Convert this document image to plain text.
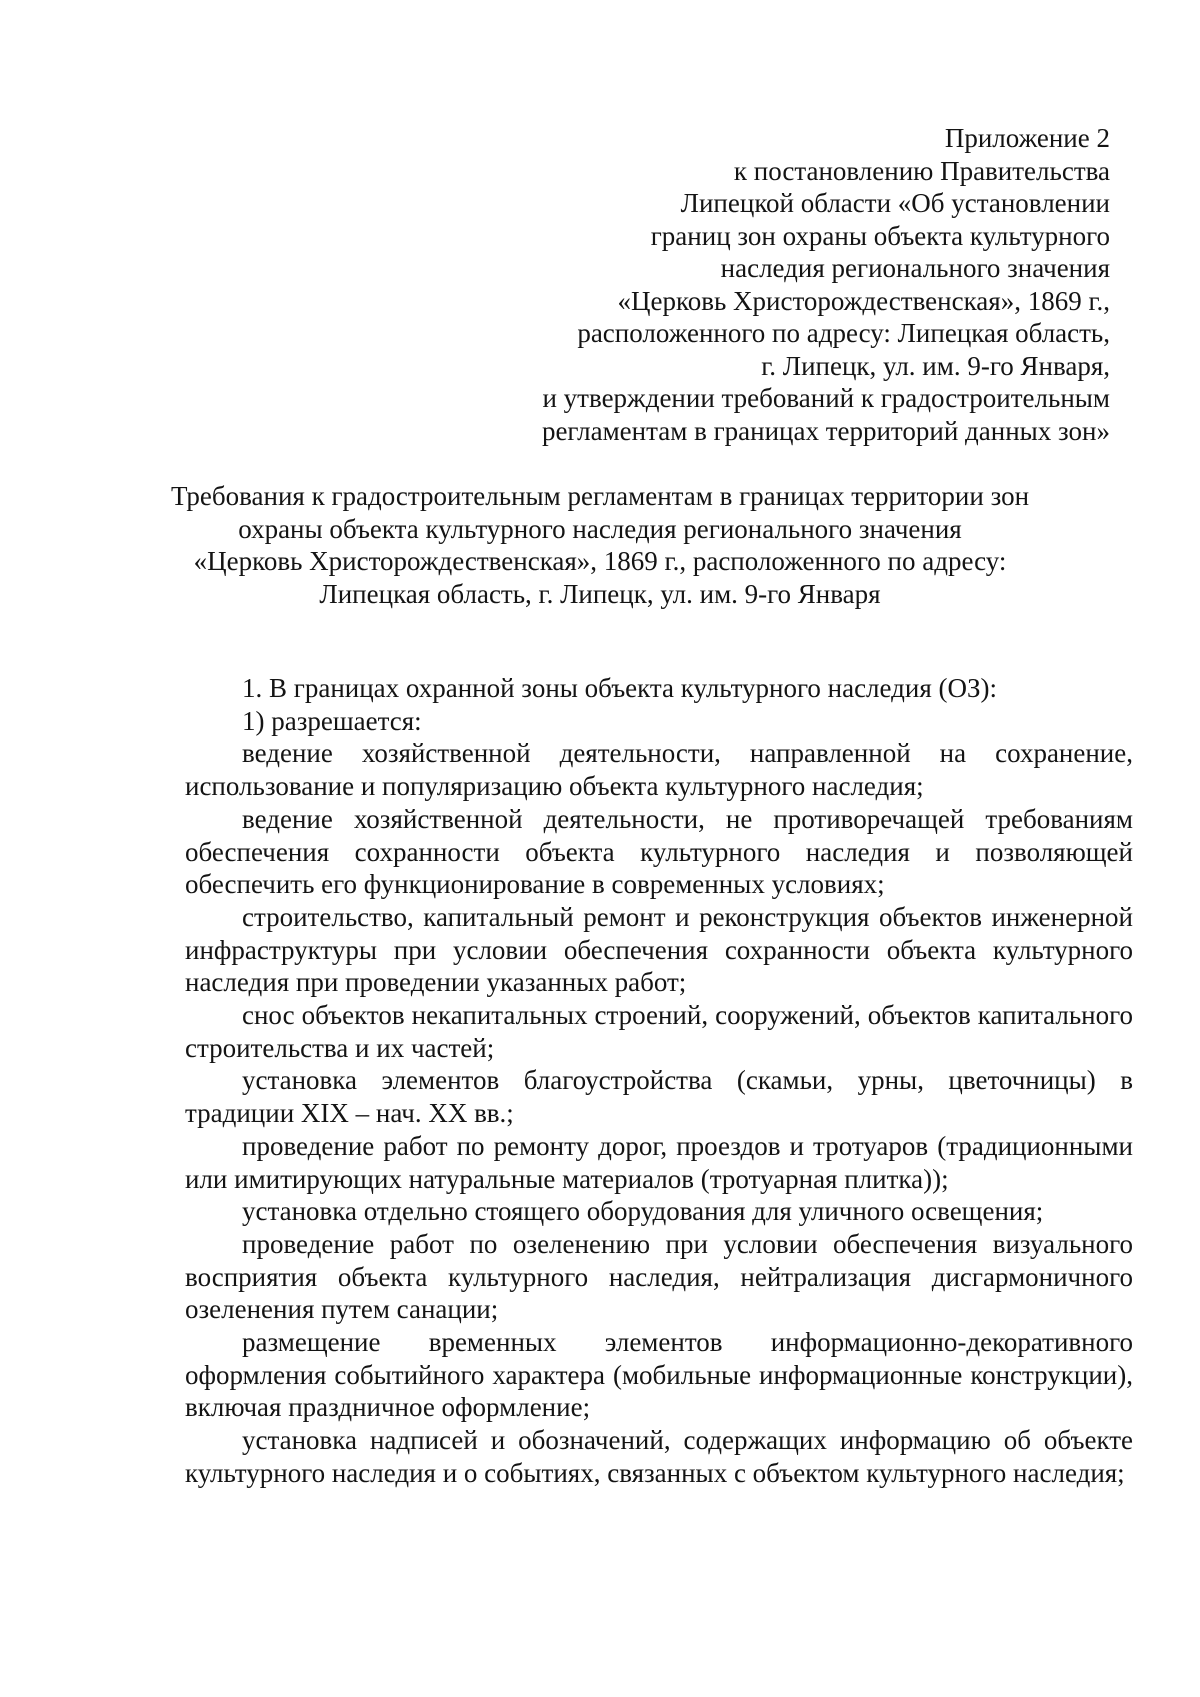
Приложение 2
к постановлению Правительства
Липецкой области «Об установлении
границ зон охраны объекта культурного
наследия регионального значения
«Церковь Христорождественская», 1869 г.,
расположенного по адресу: Липецкая область,
г. Липецк, ул. им. 9-го Января,
и утверждении требований к градостроительным
регламентам в границах территорий данных зон»
Требования к градостроительным регламентам в границах территории зон
охраны объекта культурного наследия регионального значения
«Церковь Христорождественская», 1869 г., расположенного по адресу:
Липецкая область, г. Липецк, ул. им. 9-го Января

1. В границах охранной зоны объекта культурного наследия (ОЗ):

1) разрешается:

ведение хозяйственной деятельности, направленной на сохранение, использование и популяризацию объекта культурного наследия;

ведение хозяйственной деятельности, не противоречащей требованиям обеспечения сохранности объекта культурного наследия и позволяющей обеспечить его функционирование в современных условиях;

строительство, капитальный ремонт и реконструкция объектов инженерной инфраструктуры при условии обеспечения сохранности объекта культурного наследия при проведении указанных работ;

снос объектов некапитальных строений, сооружений, объектов капитального строительства и их частей;

установка элементов благоустройства (скамьи, урны, цветочницы) в традиции XIX – нач. XX вв.;

проведение работ по ремонту дорог, проездов и тротуаров (традиционными или имитирующих натуральные материалов (тротуарная плитка));

установка отдельно стоящего оборудования для уличного освещения;

проведение работ по озеленению при условии обеспечения визуального восприятия объекта культурного наследия, нейтрализация дисгармоничного озеленения путем санации;

размещение временных элементов информационно-декоративного оформления событийного характера (мобильные информационные конструкции), включая праздничное оформление;

установка надписей и обозначений, содержащих информацию об объекте культурного наследия и о событиях, связанных с объектом культурного наследия;
